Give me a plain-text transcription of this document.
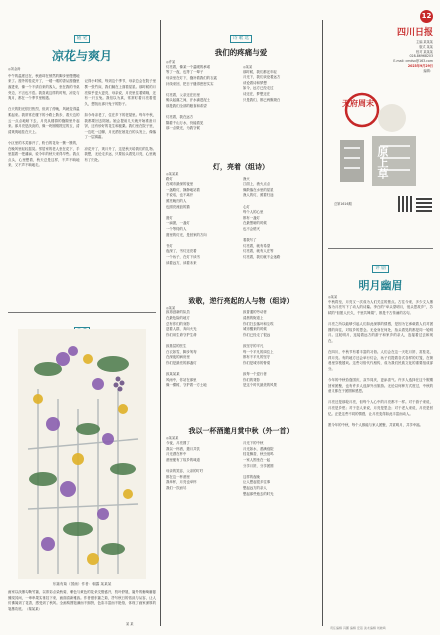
随 笔
凉花与爽月
◎刘金涛
中午的温度还在，秋意却在悄然的脚步里慢慢地来了。窗外的桂花开了，一缕一缕的香从窗缝里溜进来，像一个不请自来的客人，坐在我的书桌旁边，不言也不语。我喜欢这样的时刻，凉花与爽月，都在一个季节里相遇。

白天的阳光依旧热烈，但到了傍晚，风就变得温柔起来。我常常在楼下的小路上散步，看天边的云一点点地暗下去，月亮从楼群的缝隙里升起来。那月亮是淡淡的，像一块刚刚擦过的玉，清清爽爽地挂在天上。

小区里的木芙蓉开了，粉白的花朵一簇一簇的，在晚风里轻轻摇晃。邻居家的老人坐在花下，手里摇着一把蒲扇，说今年的秋天来得早些。我点点头，心里想着，秋天总是这样，不声不响地来，又不声不响地走。

记得小时候，每到这个季节，母亲总会在院子里摆一张竹床，我们躺在上面看星星。那时候的月亮似乎更大更亮，母亲说，月亮里住着嫦娥，还有一只玉兔。我信以为真，常常盯着月亮看很久，想找出那只兔子的影子。

如今母亲老了，住在乡下的老屋里。每年中秋，我都要回去陪她。她会提前几天就开始准备月饼，还有炒好的花生和板栗。我们坐在院子里，一边吃一边聊，月光洒在她花白的头发上，像落了一层薄霜。

凉花开了，爽月升了，这是秋天给我们的礼物。我想，无论走多远，只要抬头看见月亮，心里就有了归处。
东篱有菊（国画）作者：朝露 某某某
画家以淡墨勾勒竹篱，以浓彩点染秋菊，紫色与黄色的花朵交错盛开，枝叶舒展，篱外的葡萄藤蔓缠绕其间，一串串果实垂挂下来，画面清新雅致。作者借东篱之菊，抒写秋日的恬淡与从容，让人仿佛闻到了花香，感受到了秋风。全画构图饱满而不拥挤，色彩丰富而不艳俗，体现了画家深厚的笔墨功底。（秦某某）
某 某
诗 歌 选
我们的疼痛与爱
◎许某
灯亮着，像某一个温暖的承诺
等了一夜，也等了一辈子
母亲坐在灯下，缝补着我们的衣裳
针线来回，把日子缝得密密实实

灯亮着，父亲还在田里
锄头起落之间，汗水滴进泥土
那是我们全部的粮食和希望

灯亮着，我在远方
隔着千山万水，仍能看见
那一点微光，为我守候
◎某某
那时候，我们都还年轻
月光下，我们谈论着远方
谈论着诗和梦想
如今，远方已经走过
诗还在，梦想还在
只是我们，都已两鬓斑白
灯，亮着（组诗）
◎某某某
路灯
在城市最深的夜里
一盏路灯，静静地站着
不说话，也不离开
照亮晚归的人
也照亮流浪的猫

窗灯
一扇窗，一盏灯
一个等待的人
窗里的灯光，是回家的方向

书灯
夜深了，书灯还亮着
一个孩子，在灯下读书
读着远方，读着未来
渔火
江面上，渔火点点
像散落在水里的星星
渔人的灯，照着归途

心灯
每个人的心里
都有一盏灯
在最黑暗的时候
也不会熄灭

看我写了
灯亮着，就有希望
灯亮着，就有人在等
灯亮着，我们就不会迷路
致敬，逆行亮起的人与物（组诗）
◎某某
致再创新的队员
在最危险的地方
总有你们的身影
逆着人群，奔向火光
你们用生命守护生命

致基层的医生
白衣如雪，脚步匆匆
在深夜的病房里
你们是最亮的那盏灯

致某某某
风雨中，你站在那里
像一棵树，守护着一方土地
致普通的劳动者
清晨的街道上
你们扫去落叶和尘埃
城市醒来的时候
你们已经走了很远

致坚守的平凡
每一个平凡的岗位上
都有不平凡的坚守
你们是城市的脊梁

致每一个逆行者
你们的背影
是这个时代最美的风景
我以一杯酒邀月赏中秋（外一首）
◎某某某
今夜，月亮圆了
我以一杯酒，邀月共饮
月光洒在杯中
酒里便有了故乡的味道

母亲的笑容，父亲的叮咛
都在这一杯酒里
我举杯，月亮也举杯
我们一饮而尽
月光下的中秋
月光如水，洒满庭院
桂花飘香，秋虫低鸣
一家人围坐在一起
分享月饼，分享团圆

这样的夜晚
让人想起很多往事
想起远方的亲人
想起那些逝去的时光
12
四川日报
主编 某某某
版式 某某
校对 某某某
028-86968203
E-mail: cmdsx@163.com
2023年9月29日
编辑：
天府周末
原上草
总第1616期
评 剧
明月幽眉
◎某某
中秋将至，月亮又一次成为人们关注的焦点。古往今来，多少文人墨客为月亮写下了动人的诗篇。李白的“举头望明月，低头思故乡”，苏轼的“但愿人长久，千里共婵娟”，都是千古传诵的名句。

月亮之所以能够引起人们如此深厚的情感，是因为它承载着人们对团圆的向往，对故乡的思念。无论身在何处，抬头看见的都是同一轮明月。这轮明月，连接着远方的游子和家乡的亲人，连接着过去和现在。

在四川，中秋节有着丰富的习俗。人们会在这一天吃月饼、赏桂花、拜月亮。有的地方还会举行灯会，孩子们提着各式各样的灯笼，在街巷里穿梭嬉戏。这些习俗代代相传，成为我们民族文化的重要组成部分。

今年的中秋恰逢国庆，双节同庆，更添喜气。许多人选择在这个假期回家团聚，也有许多人选择外出旅游。无论以何种方式度过，中秋的意义都在于团圆和感恩。

月亮还是那轮月亮，但每个人心中的月亮都不一样。对于游子来说，月亮是乡愁；对于恋人来说，月亮是思念；对于老人来说，月亮是回忆。正是这些不同的情感，让月亮变得如此丰富而动人。

愿今年的中秋，每个人都能与家人团聚，共赏明月，共享幸福。
责任编辑 冯鹏 编辑 安蓓 美术编辑 刘晓鸣
